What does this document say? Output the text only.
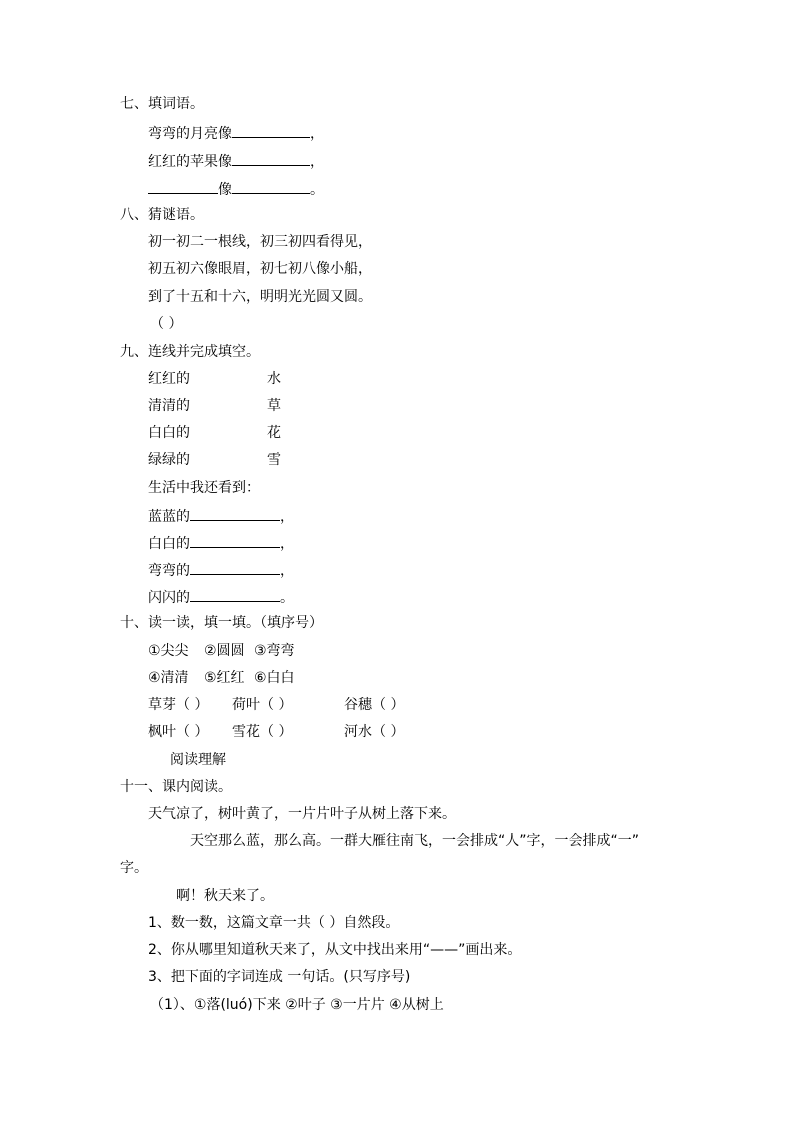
七、填词语。
弯弯的月亮像	，
红红的苹果像	，
像	。
八、猜谜语。
初一初二一根线，初三初四看得见，
初五初六像眼眉，初七初八像小船，
到了十五和十六，明明光光圆又圆。
（ ）
九、连线并完成填空。
红红的	水
清清的	草
白白的	花
绿绿的	雪
生活中我还看到：
蓝蓝的	，
白白的	，
弯弯的	，
闪闪的	。
十、读一读，填一填。（填序号）
①尖尖 ②圆圆 ③弯弯
④清清 ⑤红红 ⑥白白
草芽（ ） 荷叶（ ）	谷穗（ ）
枫叶（ ） 雪花（ ）	河水（ ）
阅读理解
十一、课内阅读。
天气凉了，树叶黄了，一片片叶子从树上落下来。
天空那么蓝，那么高。一群大雁往南飞，一会排成“人”字，一会排成“一”
字。
啊！秋天来了。
1、数一数，这篇文章一共（ ）自然段。
2、你从哪里知道秋天来了，从文中找出来用“——”画出来。
3、把下面的字词连成 一句话。(只写序号)
（1）、①落(luó)下来 ②叶子 ③一片片 ④从树上
